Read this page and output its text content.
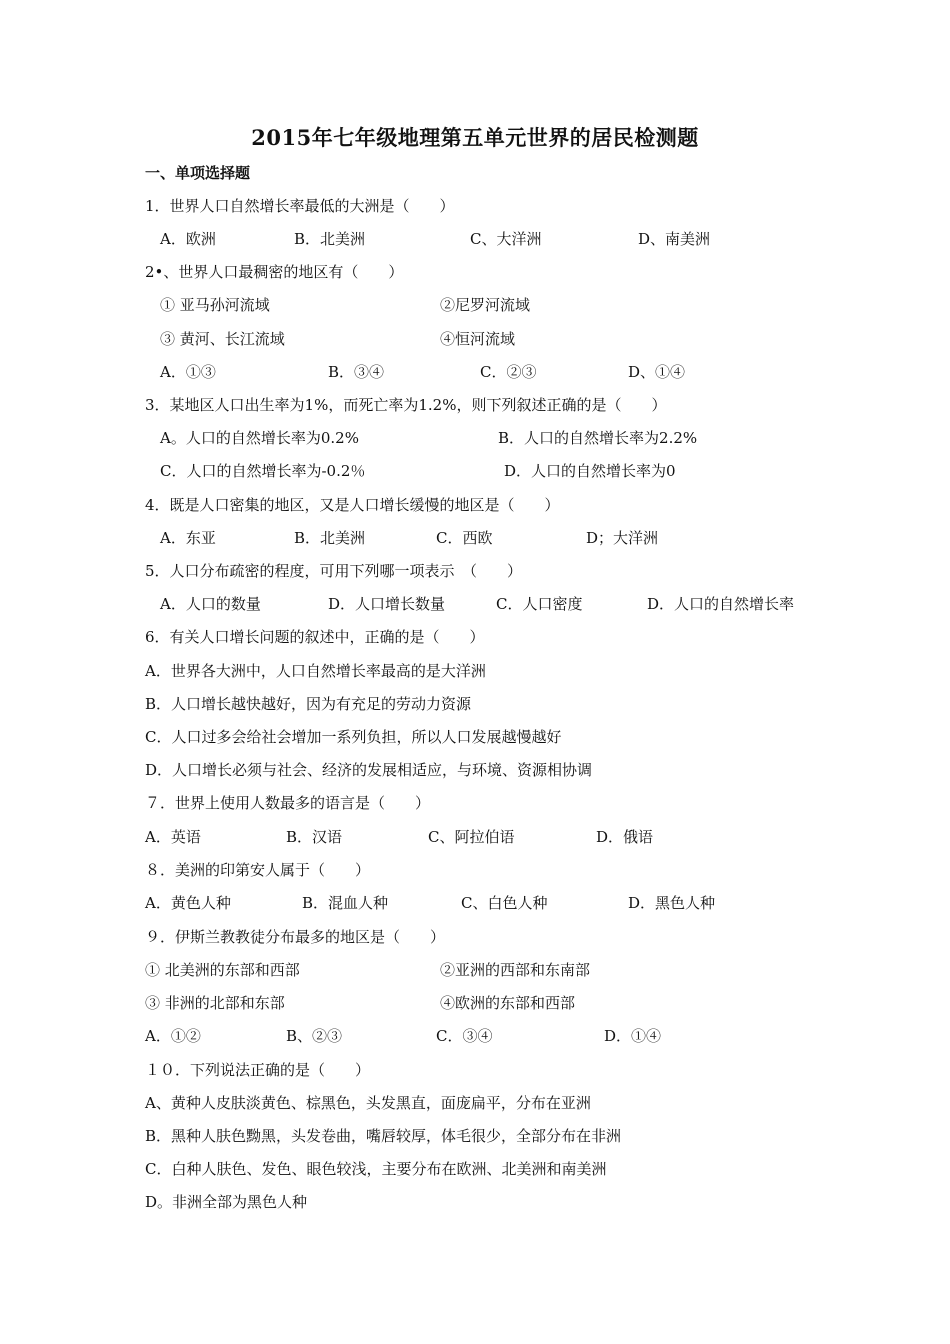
2015年七年级地理第五单元世界的居民检测题
一、单项选择题
1．世界人口自然增长率最低的大洲是（　　）
A．欧洲	B．北美洲	C、大洋洲	D、南美洲
2•、世界人口最稠密的地区有（　　）
① 亚马孙河流域	②尼罗河流域
③ 黄河、长江流域	④恒河流域
A．①③	B．③④	C．②③	D、①④
3．某地区人口出生率为1%，而死亡率为1.2%，则下列叙述正确的是（　　）
A。人口的自然增长率为0.2%	B．人口的自然增长率为2.2%
C．人口的自然增长率为-0.2％	D．人口的自然增长率为0
4．既是人口密集的地区，又是人口增长缓慢的地区是（　　）
A．东亚	B．北美洲	C．西欧	D；大洋洲
5．人口分布疏密的程度，可用下列哪一项表示　（　　）
A．人口的数量	D．人口增长数量	C．人口密度	D．人口的自然增长率
6．有关人口增长问题的叙述中，正确的是（　　）
A．世界各大洲中，人口自然增长率最高的是大洋洲
B．人口增长越快越好，因为有充足的劳动力资源
C．人口过多会给社会增加一系列负担，所以人口发展越慢越好
D．人口增长必须与社会、经济的发展相适应，与环境、资源相协调
７．世界上使用人数最多的语言是（　　）
A．英语	B．汉语	C、阿拉伯语	D．俄语
８．美洲的印第安人属于（　　）
A．黄色人种	B．混血人种	C、白色人种	D．黑色人种
９．伊斯兰教教徒分布最多的地区是（　　）
① 北美洲的东部和西部	②亚洲的西部和东南部
③ 非洲的北部和东部	④欧洲的东部和西部
A．①②	B、②③	C．③④	D．①④
１０．下列说法正确的是（　　）
A、黄种人皮肤淡黄色、棕黑色，头发黑直，面庞扁平，分布在亚洲
B．黑种人肤色黝黑，头发卷曲，嘴唇较厚，体毛很少，全部分布在非洲
C．白种人肤色、发色、眼色较浅，主要分布在欧洲、北美洲和南美洲
D。非洲全部为黑色人种
